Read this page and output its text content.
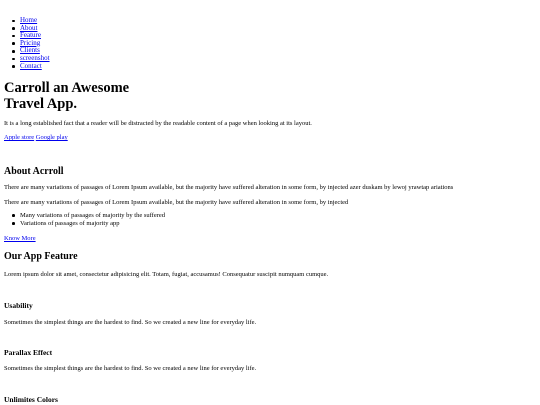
Home
About
Feature
Pricing
Clients
screenshot
Contact
Carroll an Awesome
Travel App.
It is a long established fact that a reader will be distracted by the readable content of a page when looking at its layout.
Apple store Google play
About Acrroll
There are many variations of passages of Lorem Ipsum available, but the majority have suffered alteration in some form, by injected azer duskam by lewoj yrawtap ariations
There are many variations of passages of Lorem Ipsum available, but the majority have suffered alteration in some form, by injected
Many variations of passages of majority by the suffered
Variations of passages of majority app
Know More
Our App Feature
Lorem ipsum dolor sit amet, consectetur adipisicing elit. Totam, fugiat, accusamus! Consequatur suscipit numquam cumque.
Usability
Sometimes the simplest things are the hardest to find. So we created a new line for everyday life.
Parallax Effect
Sometimes the simplest things are the hardest to find. So we created a new line for everyday life.
Unlimites Colors
